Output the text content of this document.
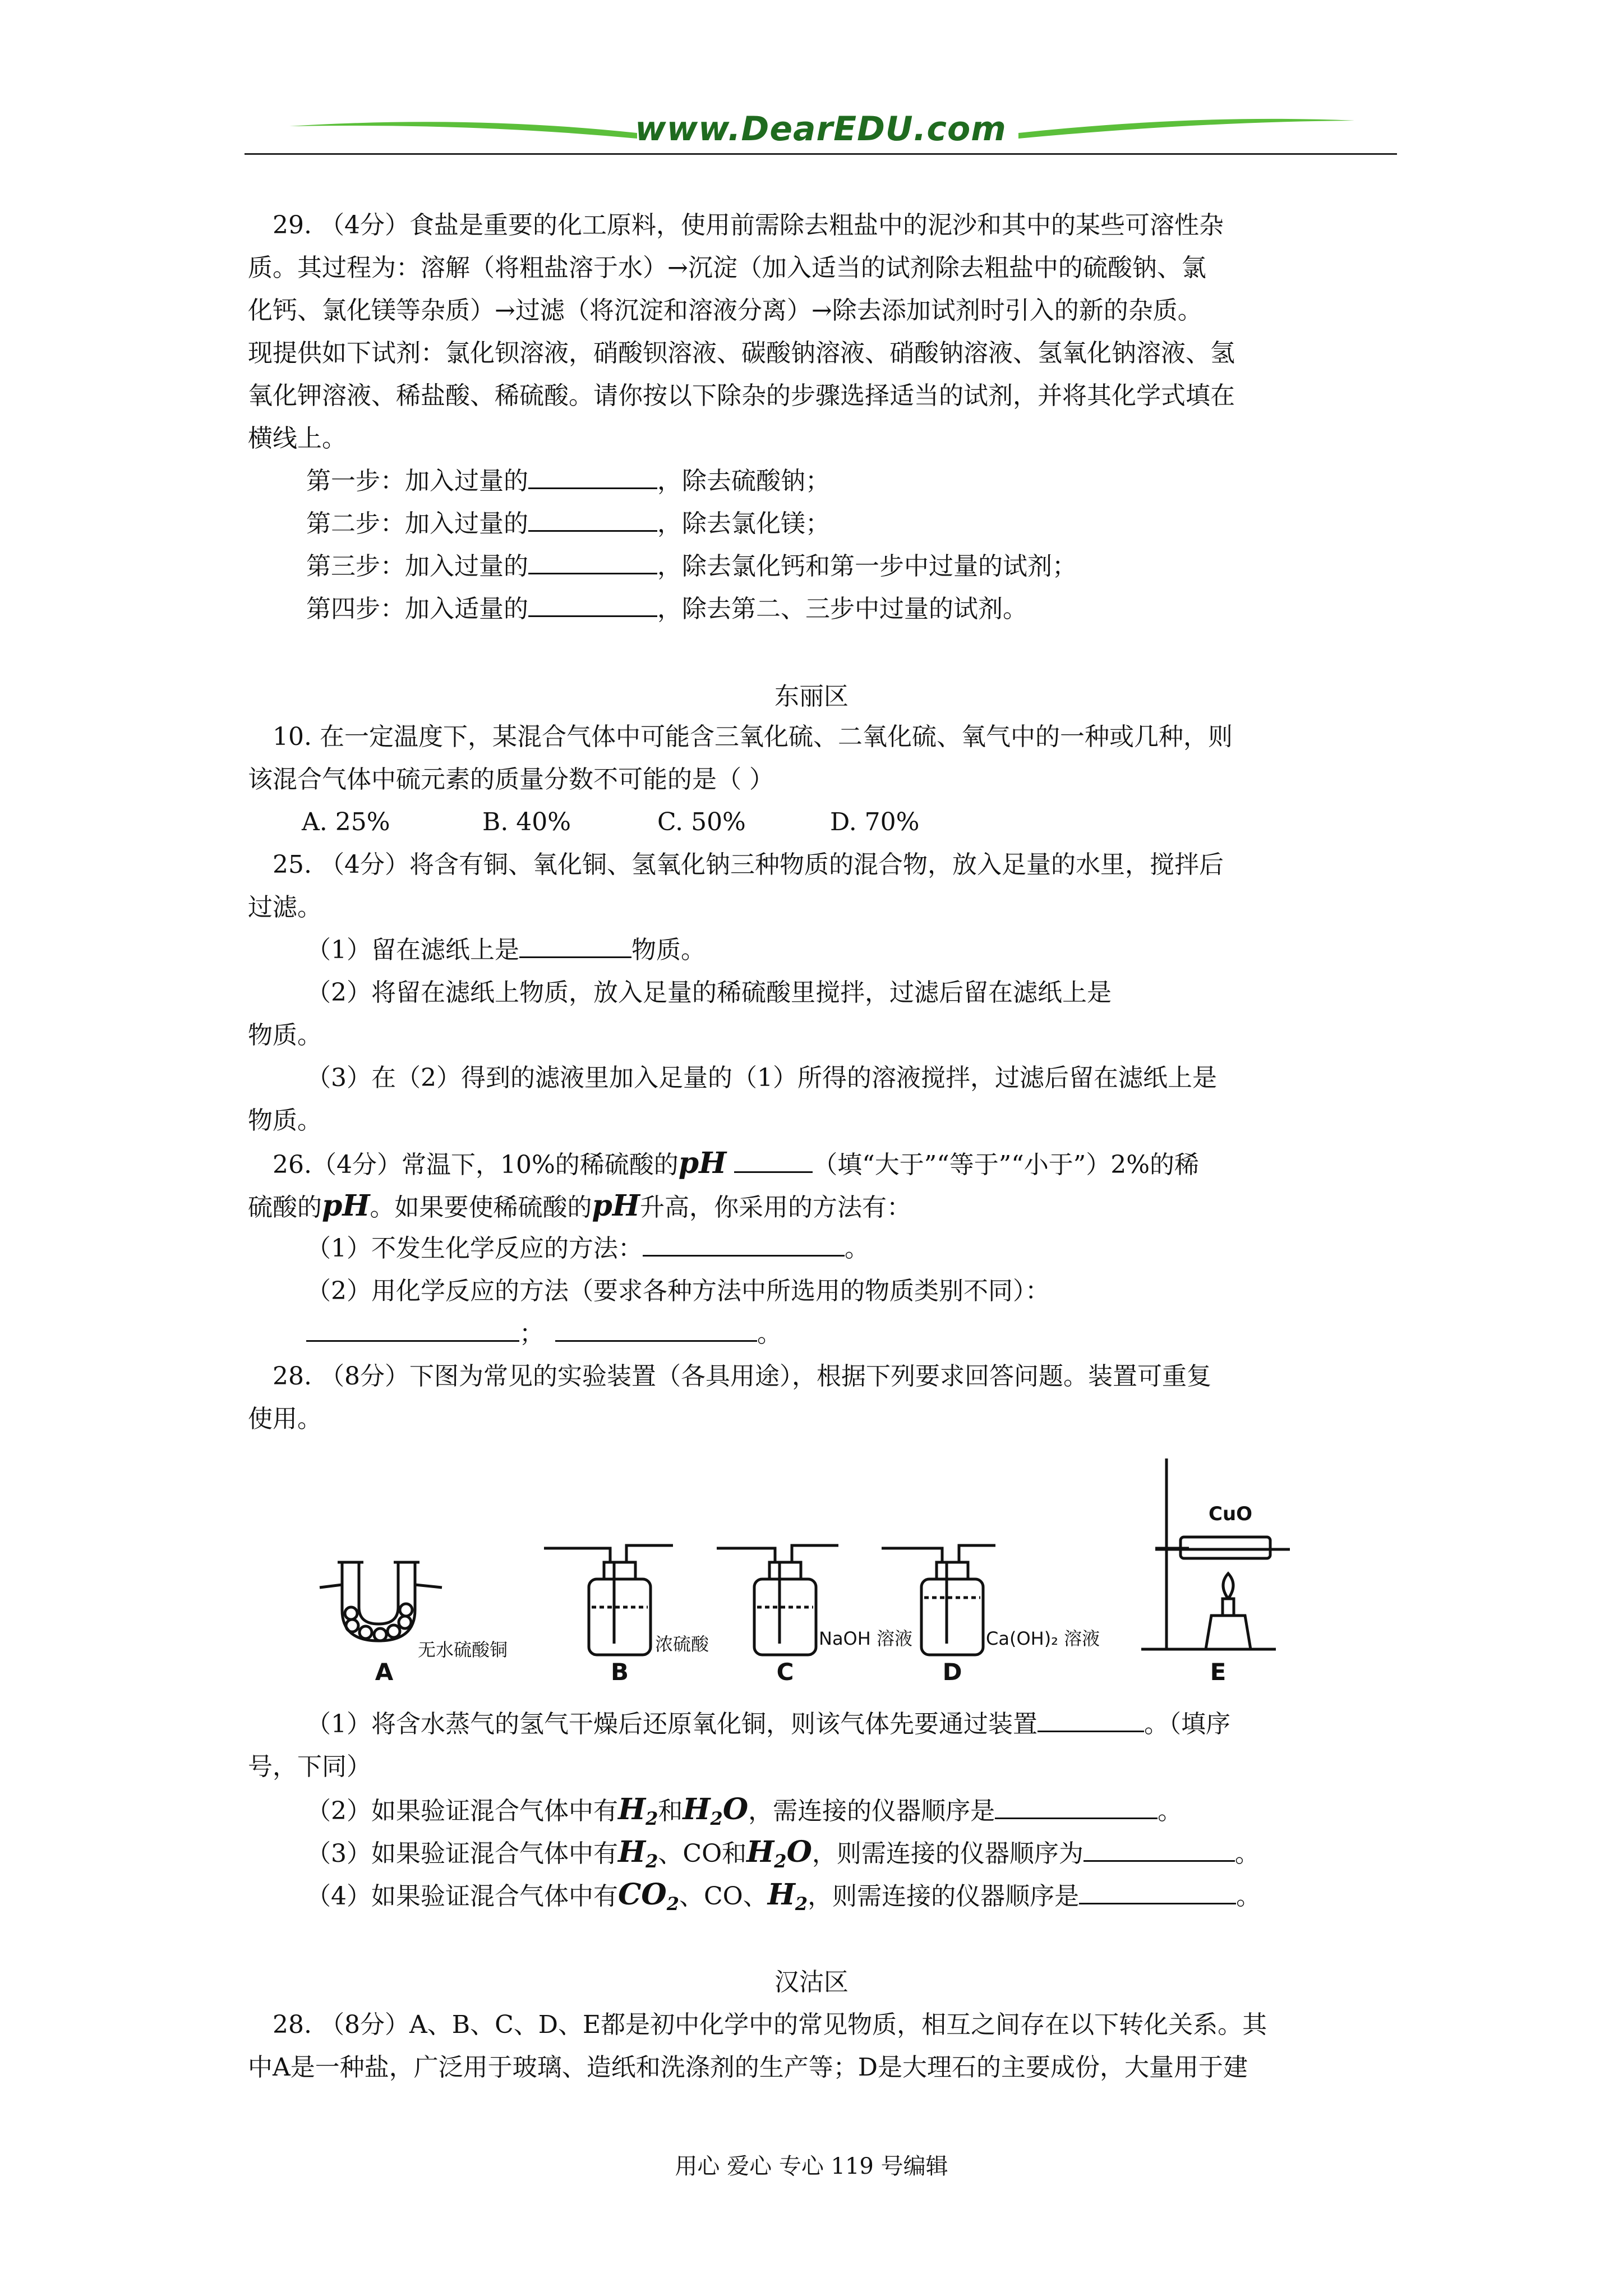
www.DearEDU.com
29. （4分）食盐是重要的化工原料，使用前需除去粗盐中的泥沙和其中的某些可溶性杂
质。其过程为：溶解（将粗盐溶于水）→沉淀（加入适当的试剂除去粗盐中的硫酸钠、氯
化钙、氯化镁等杂质）→过滤（将沉淀和溶液分离）→除去添加试剂时引入的新的杂质。
现提供如下试剂：氯化钡溶液，硝酸钡溶液、碳酸钠溶液、硝酸钠溶液、氢氧化钠溶液、氢
氧化钾溶液、稀盐酸、稀硫酸。请你按以下除杂的步骤选择适当的试剂，并将其化学式填在
横线上。
第一步：加入过量的	，除去硫酸钠；
第二步：加入过量的	，除去氯化镁；
第三步：加入过量的	，除去氯化钙和第一步中过量的试剂；
第四步：加入适量的	，除去第二、三步中过量的试剂。
东丽区
10. 在一定温度下，某混合气体中可能含三氧化硫、二氧化硫、氧气中的一种或几种，则
该混合气体中硫元素的质量分数不可能的是（ ）
A. 25%	B. 40%	C. 50%	D. 70%
25. （4分）将含有铜、氧化铜、氢氧化钠三种物质的混合物，放入足量的水里，搅拌后
过滤。
（1）留在滤纸上是	物质。
（2）将留在滤纸上物质，放入足量的稀硫酸里搅拌，过滤后留在滤纸上是
物质。
（3）在（2）得到的滤液里加入足量的（1）所得的溶液搅拌，过滤后留在滤纸上是
物质。
26.（4分）常温下，10%的稀硫酸的pH	（填“大于”“等于”“小于”）2%的稀
硫酸的pH。如果要使稀硫酸的pH升高，你采用的方法有：
（1）不发生化学反应的方法：	。
（2）用化学反应的方法（要求各种方法中所选用的物质类别不同）：
；	。
28. （8分）下图为常见的实验装置（各具用途），根据下列要求回答问题。装置可重复
使用。
A	B	C	D	E
无水硫酸铜	浓硫酸	NaOH 溶液	Ca(OH)₂ 溶液
CuO
（1）将含水蒸气的氢气干燥后还原氧化铜，则该气体先要通过装置	。（填序
号，下同）
（2）如果验证混合气体中有$H_2$和$H_2O$，需连接的仪器顺序是	。
（3）如果验证混合气体中有$H_2$、CO和$H_2O$，则需连接的仪器顺序为	。
（4）如果验证混合气体中有$CO_2$、CO、$H_2$，则需连接的仪器顺序是	。
汉沽区
28. （8分）A、B、C、D、E都是初中化学中的常见物质，相互之间存在以下转化关系。其
中A是一种盐，广泛用于玻璃、造纸和洗涤剂的生产等；D是大理石的主要成份，大量用于建
用心 爱心 专心 119 号编辑
